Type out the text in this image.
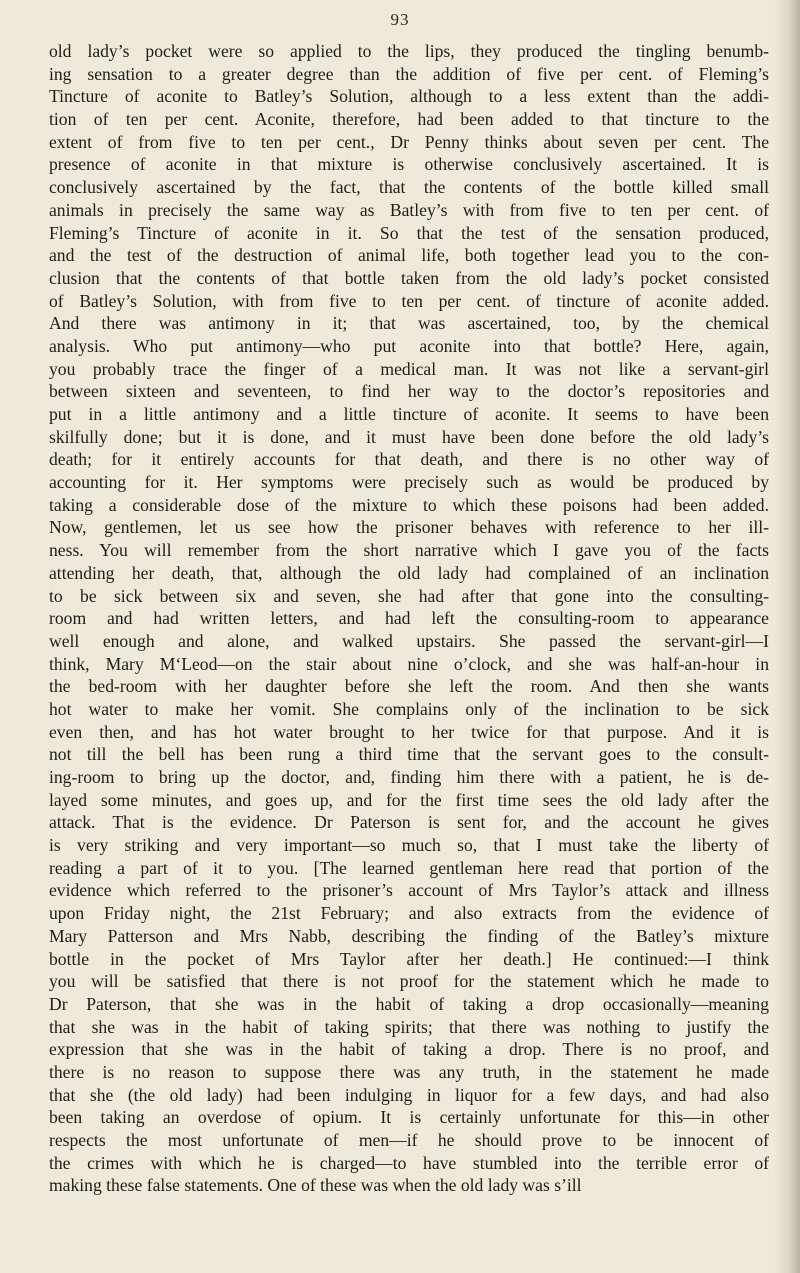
93
old lady’s pocket were so applied to the lips, they produced the tingling benumb-
ing sensation to a greater degree than the addition of five per cent. of Fleming’s
Tincture of aconite to Batley’s Solution, although to a less extent than the addi-
tion of ten per cent. Aconite, therefore, had been added to that tincture to the
extent of from five to ten per cent., Dr Penny thinks about seven per cent. The
presence of aconite in that mixture is otherwise conclusively ascertained. It is
conclusively ascertained by the fact, that the contents of the bottle killed small
animals in precisely the same way as Batley’s with from five to ten per cent. of
Fleming’s Tincture of aconite in it. So that the test of the sensation produced,
and the test of the destruction of animal life, both together lead you to the con-
clusion that the contents of that bottle taken from the old lady’s pocket consisted
of Batley’s Solution, with from five to ten per cent. of tincture of aconite added.
And there was antimony in it; that was ascertained, too, by the chemical
analysis. Who put antimony—who put aconite into that bottle? Here, again,
you probably trace the finger of a medical man. It was not like a servant-girl
between sixteen and seventeen, to find her way to the doctor’s repositories and
put in a little antimony and a little tincture of aconite. It seems to have been
skilfully done; but it is done, and it must have been done before the old lady’s
death; for it entirely accounts for that death, and there is no other way of
accounting for it. Her symptoms were precisely such as would be produced by
taking a considerable dose of the mixture to which these poisons had been added.
Now, gentlemen, let us see how the prisoner behaves with reference to her ill-
ness. You will remember from the short narrative which I gave you of the facts
attending her death, that, although the old lady had complained of an inclination
to be sick between six and seven, she had after that gone into the consulting-
room and had written letters, and had left the consulting-room to appearance
well enough and alone, and walked upstairs. She passed the servant-girl—I
think, Mary M‘Leod—on the stair about nine o’clock, and she was half-an-hour in
the bed-room with her daughter before she left the room. And then she wants
hot water to make her vomit. She complains only of the inclination to be sick
even then, and has hot water brought to her twice for that purpose. And it is
not till the bell has been rung a third time that the servant goes to the consult-
ing-room to bring up the doctor, and, finding him there with a patient, he is de-
layed some minutes, and goes up, and for the first time sees the old lady after the
attack. That is the evidence. Dr Paterson is sent for, and the account he gives
is very striking and very important—so much so, that I must take the liberty of
reading a part of it to you. [The learned gentleman here read that portion of the
evidence which referred to the prisoner’s account of Mrs Taylor’s attack and illness
upon Friday night, the 21st February; and also extracts from the evidence of
Mary Patterson and Mrs Nabb, describing the finding of the Batley’s mixture
bottle in the pocket of Mrs Taylor after her death.] He continued:—I think
you will be satisfied that there is not proof for the statement which he made to
Dr Paterson, that she was in the habit of taking a drop occasionally—meaning
that she was in the habit of taking spirits; that there was nothing to justify the
expression that she was in the habit of taking a drop. There is no proof, and
there is no reason to suppose there was any truth, in the statement he made
that she (the old lady) had been indulging in liquor for a few days, and had also
been taking an overdose of opium. It is certainly unfortunate for this—in other
respects the most unfortunate of men—if he should prove to be innocent of
the crimes with which he is charged—to have stumbled into the terrible error of
making these false statements. One of these was when the old lady was s’ill
